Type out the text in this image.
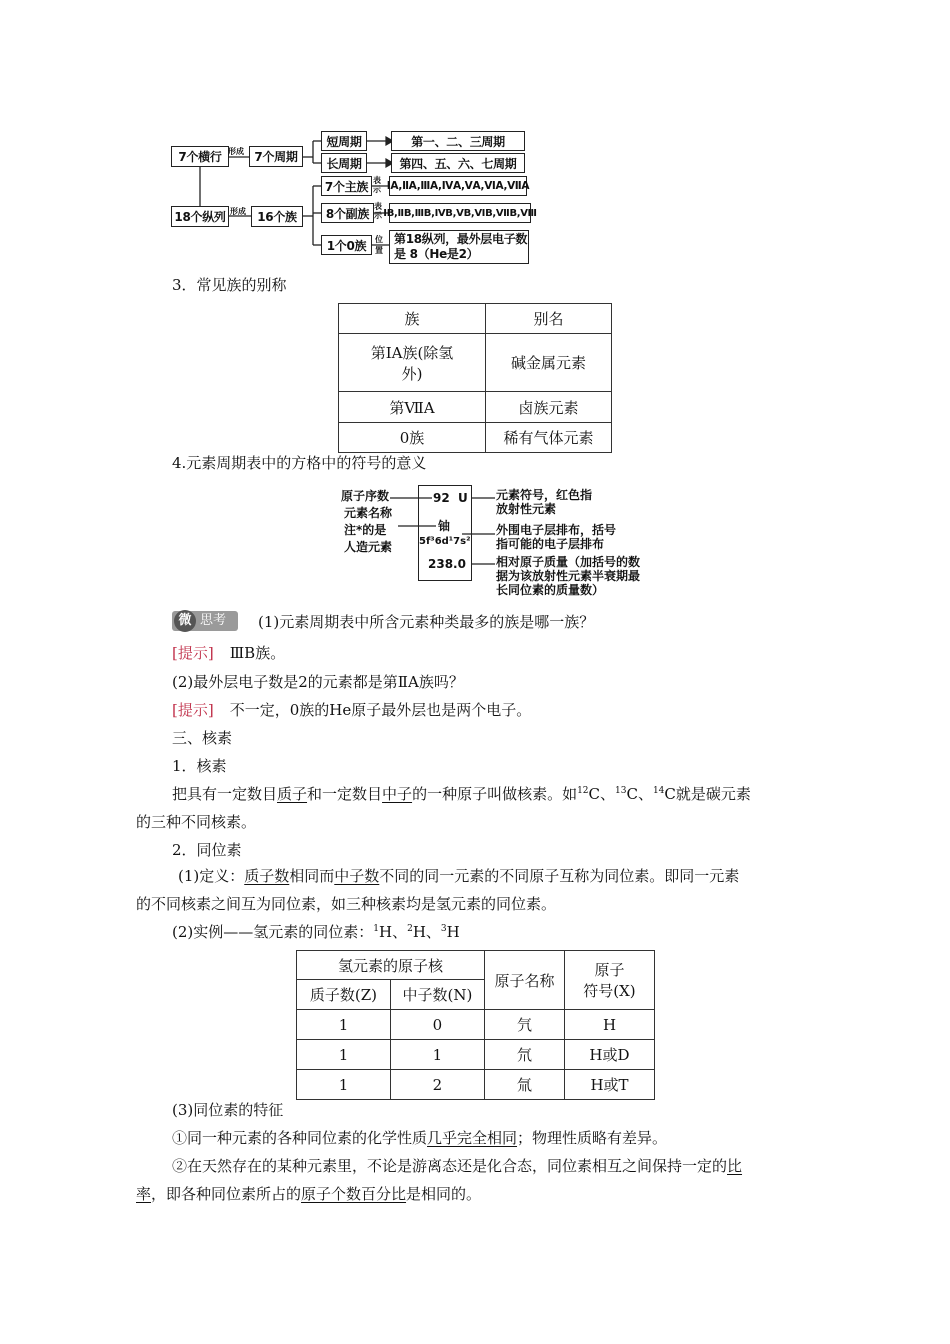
7个横行 形成 7个周期
18个纵列 形成 16个族
短周期
长周期
第一、二、三周期
第四、五、六、七周期
7个主族 表示 ⅠA,ⅡA,ⅢA,ⅣA,ⅤA,ⅥA,ⅦA
8个副族 表示 ⅠB,ⅡB,ⅢB,ⅣB,ⅤB,ⅥB,ⅦB,Ⅷ
1个0族	位置
第18纵列，最外层电子数
是 8（He是2）
3．常见族的别称
族	别名

第ⅠA族(除氢
外)	碱金属元素
第ⅦA	卤族元素
0族	稀有气体元素
4.元素周期表中的方格中的符号的意义
原子序数
元素名称
注*的是
人造元素
92 U
铀
5f³6d¹7s²
238.0
元素符号，红色指
放射性元素
外围电子层排布，括号
指可能的电子层排布
相对原子质量（加括号的数
据为该放射性元素半衰期最
长同位素的质量数）
微 思考 (1)元素周期表中所含元素种类最多的族是哪一族？
[提示] ⅢB族。
(2)最外层电子数是2的元素都是第ⅡA族吗？
[提示] 不一定，0族的He原子最外层也是两个电子。
三、核素
1．核素
把具有一定数目质子和一定数目中子的一种原子叫做核素。如$^{12}$C、$^{13}$C、$^{14}$C就是碳元素
的三种不同核素。
2．同位素
(1)定义：质子数相同而中子数不同的同一元素的不同原子互称为同位素。即同一元素
的不同核素之间互为同位素，如三种核素均是氢元素的同位素。
(2)实例——氢元素的同位素：$^1$H、$^2$H、$^3$H
氢元素的原子核		原子名称	原子
符号(X)

质子数(Z)	中子数(N)		
1	0	氕	H
1	1	氘	H或D
1	2	氚	H或T
(3)同位素的特征
①同一种元素的各种同位素的化学性质几乎完全相同；物理性质略有差异。
②在天然存在的某种元素里，不论是游离态还是化合态，同位素相互之间保持一定的比
率，即各种同位素所占的原子个数百分比是相同的。
